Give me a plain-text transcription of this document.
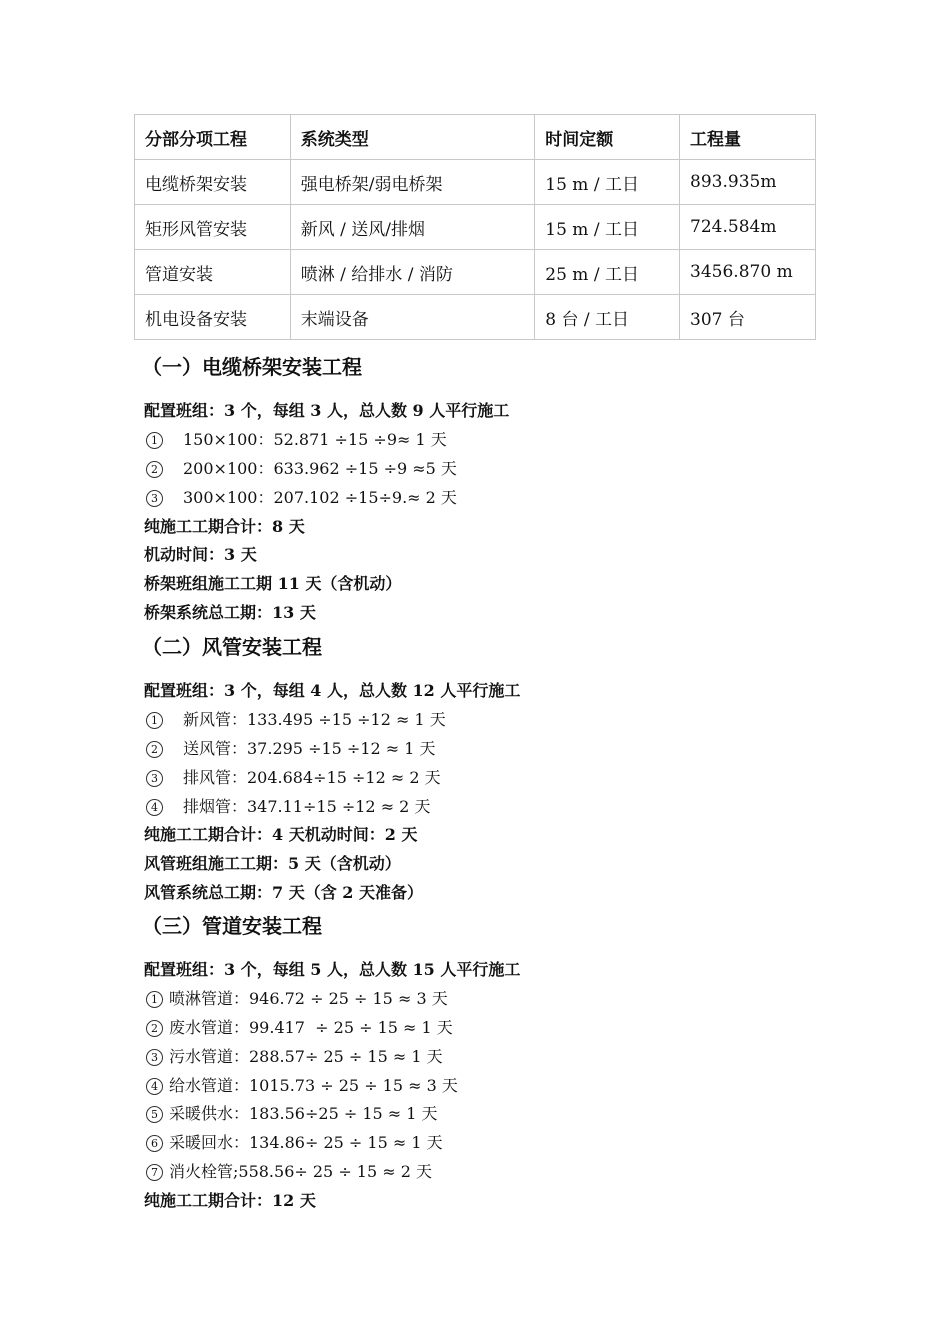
分部分项工程	系统类型	时间定额	工程量
电缆桥架安装	强电桥架/弱电桥架	15 m / 工日	893.935m
矩形风管安装	新风 / 送风/排烟	15 m / 工日	724.584m
管道安装	喷淋 / 给排水 / 消防	25 m / 工日	3456.870 m
机电设备安装	末端设备	8 台 / 工日	307 台
（一）电缆桥架安装工程
配置班组：3 个，每组 3 人，总人数 9 人平行施工
1	150×100：52.871 ÷15 ÷9≈ 1 天
2	200×100：633.962 ÷15 ÷9 ≈5 天
3	300×100：207.102 ÷15÷9.≈ 2 天
纯施工工期合计：8 天
机动时间：3 天
桥架班组施工工期 11 天（含机动）
桥架系统总工期：13 天
（二）风管安装工程
配置班组：3 个，每组 4 人，总人数 12 人平行施工
1	新风管：133.495 ÷15 ÷12 ≈ 1 天
2	送风管：37.295 ÷15 ÷12 ≈ 1 天
3	排风管：204.684÷15 ÷12 ≈ 2 天
4	排烟管：347.11÷15 ÷12 ≈ 2 天
纯施工工期合计：4 天机动时间：2 天
风管班组施工工期：5 天（含机动）
风管系统总工期：7 天（含 2 天准备）
（三）管道安装工程
配置班组：3 个，每组 5 人，总人数 15 人平行施工
1 喷淋管道：946.72 ÷ 25 ÷ 15 ≈ 3 天
2 废水管道：99.417  ÷ 25 ÷ 15 ≈ 1 天
3 污水管道：288.57÷ 25 ÷ 15 ≈ 1 天
4 给水管道：1015.73 ÷ 25 ÷ 15 ≈ 3 天
5 采暖供水：183.56÷25 ÷ 15 ≈ 1 天
6 采暖回水：134.86÷ 25 ÷ 15 ≈ 1 天
7 消火栓管;558.56÷ 25 ÷ 15 ≈ 2 天
纯施工工期合计：12 天
